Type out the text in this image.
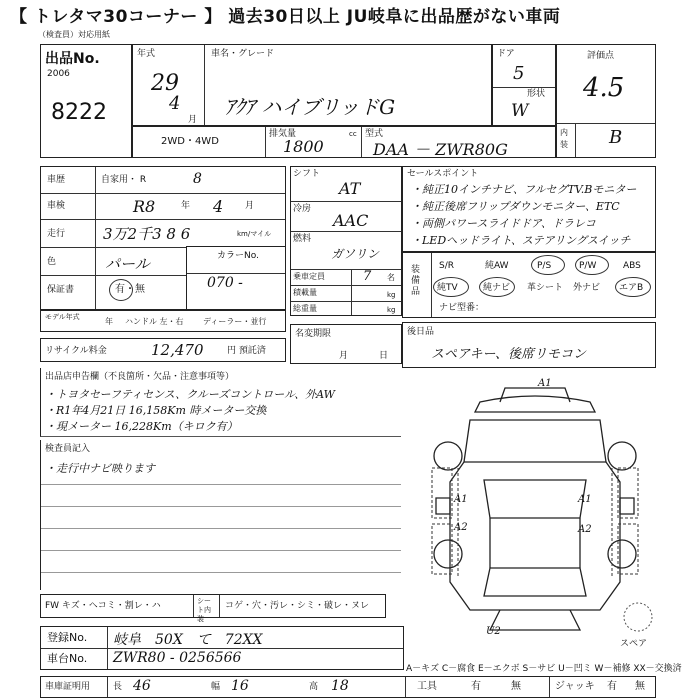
【 トレタマ30コーナー 】 過去30日以上 JU岐阜に出品歴がない車両
（検査員）対応用紙
出品No.
2006
8222
年式
29
4
月
車名・グレード
ｱｸｱ ハイブリッドG
ドア
5
形状
W
評価点
4.5
内装 B
2WD・4WD
排気量
1800
cc 型式
DAA － ZWR80G
車歴	自家用・ R	8
車検	R8	年 4 月
走行	3万2千3 8 6	km/マイル
色	パール
保証書	有・無
カラーNo.
070 -
モデル年式	年 ハンドル 左・右 ディーラー・並行
リサイクル料金	12,470	円 預託済
シフト
AT
冷房
AAC
燃料
ガソリン
乗車定員	7 名
積載量	kg
総重量	kg
名変期限
月	日
セールスポイント
・純正10インチナビ、フルセグTV.Bモニター
・純正後席フリップダウンモニター、ETC
・両側パワースライドドア、ドラレコ
・LEDヘッドライト、ステアリングスイッチ
装備品
S/R	純AW	P/S	P/W	ABS
純TV	純ナビ 革シート 外ナビ エアB
ナビ型番：
後日品
スペアキー、後席リモコン
出品店申告欄（不良箇所・欠品・注意事項等）
・トヨタセーフティセンス、クルーズコントロール、外AW
・R1年4月21日 16,158Km 時メーター交換
・現メーター 16,228Km（キロク有）
検査員記入
・走行中ナビ映ります
A1
A1	A1
A2	A2
U2
スペア
FW キズ・ヘコミ・割レ・ハ	シート内装
コゲ・穴・汚レ・シミ・破レ・ヌレ
登録No. 岐阜　50X　て　72XX
車台No. ZWR80 - 0256566
A－キズ C－腐食 E－エクボ S－サビ U－凹ミ W－補修 XX－交換済
車庫証明用	長 46	幅 16	高 18	工具	有	無	ジャッキ 有 無
